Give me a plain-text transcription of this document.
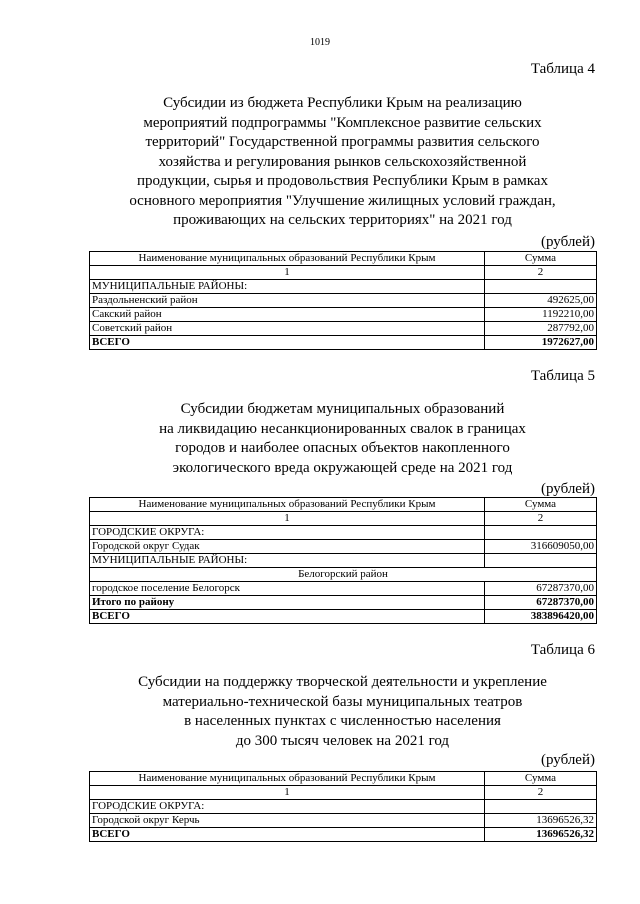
1019
Таблица 4
Субсидии из бюджета Республики Крым на реализацию
мероприятий подпрограммы "Комплексное развитие сельских
территорий" Государственной программы развития сельского
хозяйства и регулирования рынков сельскохозяйственной
продукции, сырья и продовольствия Республики Крым в рамках
основного мероприятия "Улучшение жилищных условий граждан,
проживающих на сельских территориях" на 2021 год
(рублей)
Наименование муниципальных образований Республики Крым	Сумма
1	2
МУНИЦИПАЛЬНЫЕ РАЙОНЫ:	
Раздольненский район	492625,00
Сакский район	1192210,00
Советский район	287792,00
ВСЕГО	1972627,00
Таблица 5
Субсидии бюджетам муниципальных образований
на ликвидацию несанкционированных свалок в границах
городов и наиболее опасных объектов накопленного
экологического вреда окружающей среде на 2021 год
(рублей)
Наименование муниципальных образований Республики Крым	Сумма
1	2
ГОРОДСКИЕ ОКРУГА:	
Городской округ Судак	316609050,00
МУНИЦИПАЛЬНЫЕ РАЙОНЫ:	
Белогорский район	
городское поселение Белогорск	67287370,00
Итого по району	67287370,00
ВСЕГО	383896420,00
Таблица 6
Субсидии на поддержку творческой деятельности и укрепление
материально-технической базы муниципальных театров
в населенных пунктах с численностью населения
до 300 тысяч человек на 2021 год
(рублей)
Наименование муниципальных образований Республики Крым	Сумма
1	2
ГОРОДСКИЕ ОКРУГА:	
Городской округ Керчь	13696526,32
ВСЕГО	13696526,32
